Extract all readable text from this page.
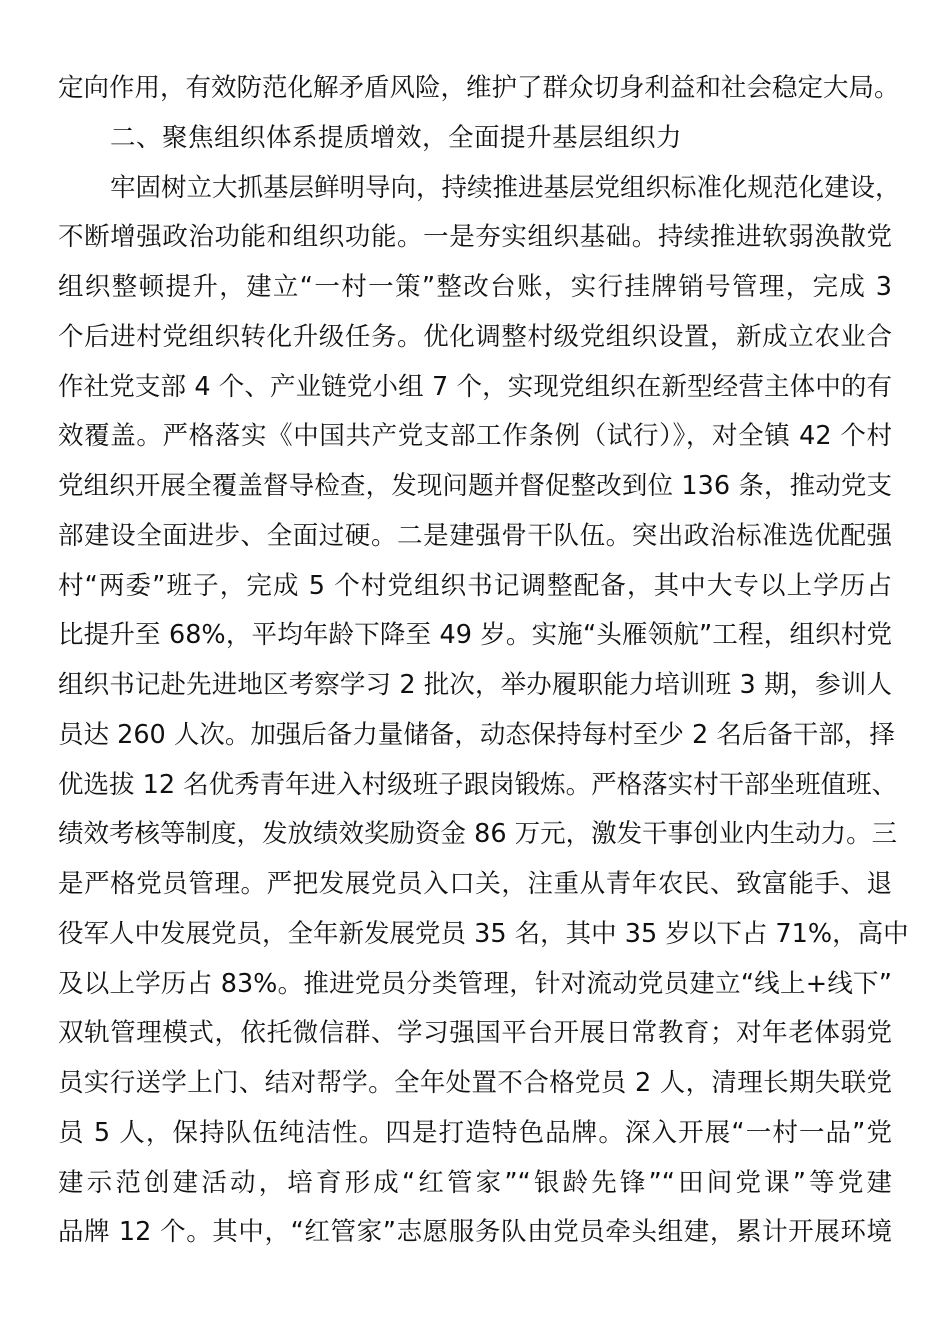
定向作用，有效防范化解矛盾风险，维护了群众切身利益和社会稳定大局。
二、聚焦组织体系提质增效，全面提升基层组织力
牢固树立大抓基层鲜明导向，持续推进基层党组织标准化规范化建设，
不断增强政治功能和组织功能。一是夯实组织基础。持续推进软弱涣散党
组织整顿提升，建立“一村一策”整改台账，实行挂牌销号管理，完成 3
个后进村党组织转化升级任务。优化调整村级党组织设置，新成立农业合
作社党支部 4 个、产业链党小组 7 个，实现党组织在新型经营主体中的有
效覆盖。严格落实《中国共产党支部工作条例（试行）》，对全镇 42 个村
党组织开展全覆盖督导检查，发现问题并督促整改到位 136 条，推动党支
部建设全面进步、全面过硬。二是建强骨干队伍。突出政治标准选优配强
村“两委”班子，完成 5 个村党组织书记调整配备，其中大专以上学历占
比提升至 68%，平均年龄下降至 49 岁。实施“头雁领航”工程，组织村党
组织书记赴先进地区考察学习 2 批次，举办履职能力培训班 3 期，参训人
员达 260 人次。加强后备力量储备，动态保持每村至少 2 名后备干部，择
优选拔 12 名优秀青年进入村级班子跟岗锻炼。严格落实村干部坐班值班、
绩效考核等制度，发放绩效奖励资金 86 万元，激发干事创业内生动力。三
是严格党员管理。严把发展党员入口关，注重从青年农民、致富能手、退
役军人中发展党员，全年新发展党员 35 名，其中 35 岁以下占 71%，高中
及以上学历占 83%。推进党员分类管理，针对流动党员建立“线上+线下”
双轨管理模式，依托微信群、学习强国平台开展日常教育；对年老体弱党
员实行送学上门、结对帮学。全年处置不合格党员 2 人，清理长期失联党
员 5 人，保持队伍纯洁性。四是打造特色品牌。深入开展“一村一品”党
建示范创建活动，培育形成“红管家”“银龄先锋”“田间党课”等党建
品牌 12 个。其中，“红管家”志愿服务队由党员牵头组建，累计开展环境
